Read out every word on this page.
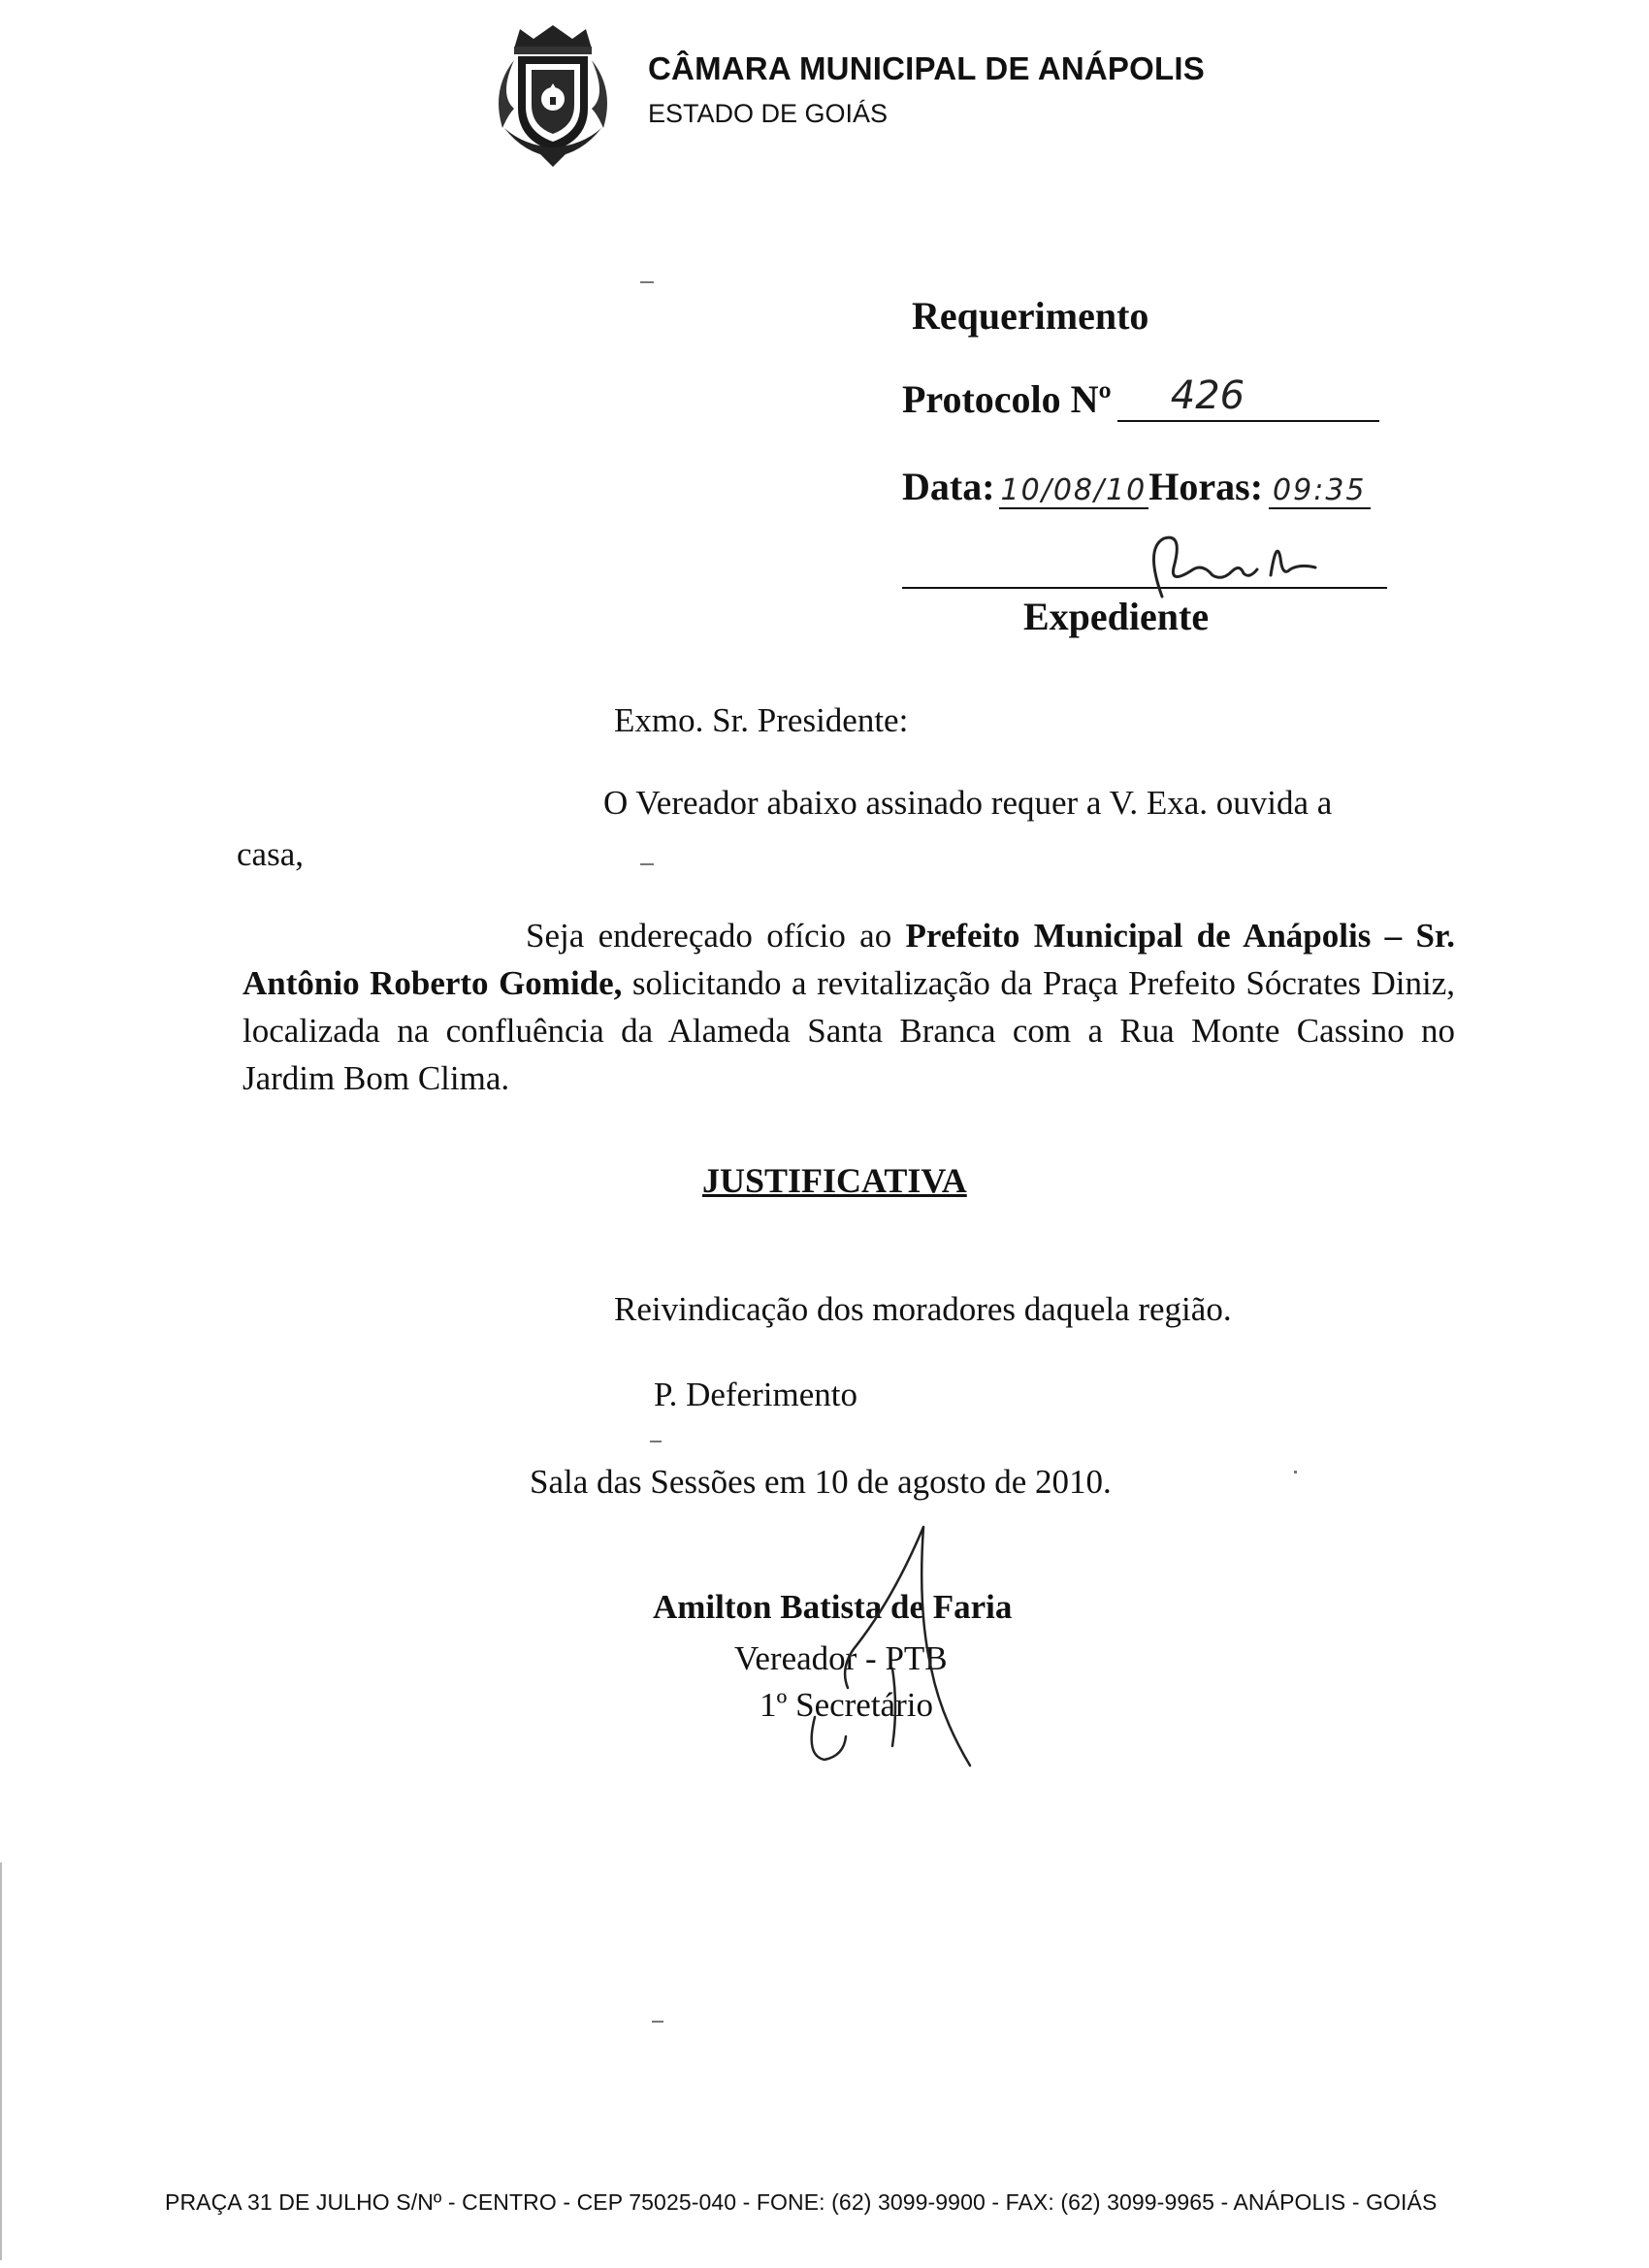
CÂMARA MUNICIPAL DE ANÁPOLIS
ESTADO DE GOIÁS
Requerimento
Protocolo Nº 426
Data: 10/08/10 Horas: 09:35
Expediente
Exmo. Sr. Presidente:
O Vereador abaixo assinado requer a V. Exa. ouvida a
casa,
Seja endereçado ofício ao Prefeito Municipal de Anápolis – Sr. Antônio Roberto Gomide, solicitando a revitalização da Praça Prefeito Sócrates Diniz, localizada na confluência da Alameda Santa Branca com a Rua Monte Cassino no Jardim Bom Clima.
JUSTIFICATIVA
Reivindicação dos moradores daquela região.
P. Deferimento
Sala das Sessões em 10 de agosto de 2010.
Amilton Batista de Faria
Vereador - PTB
1º Secretário
PRAÇA 31 DE JULHO S/Nº - CENTRO - CEP 75025-040 - FONE: (62) 3099-9900 - FAX: (62) 3099-9965 - ANÁPOLIS - GOIÁS
